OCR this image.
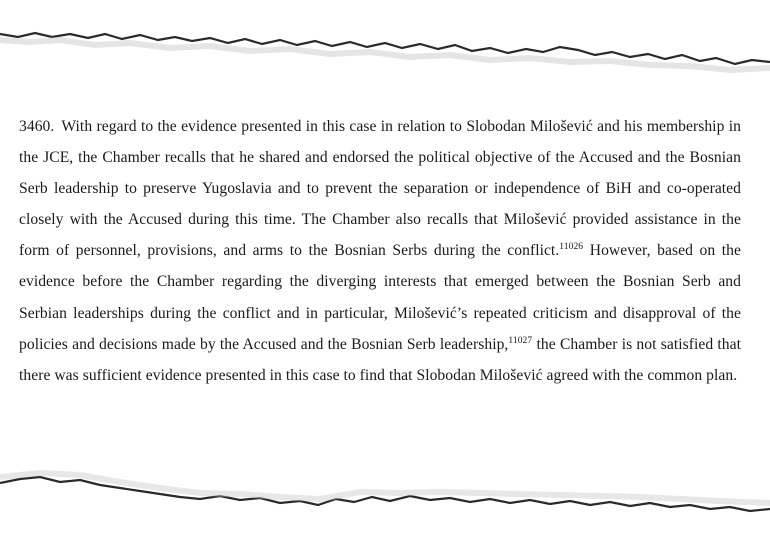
3460. With regard to the evidence presented in this case in relation to Slobodan Milošević and his membership in the JCE, the Chamber recalls that he shared and endorsed the political objective of the Accused and the Bosnian Serb leadership to preserve Yugoslavia and to prevent the separation or independence of BiH and co-operated closely with the Accused during this time. The Chamber also recalls that Milošević provided assistance in the form of personnel, provisions, and arms to the Bosnian Serbs during the conflict.$^{11026}$ However, based on the evidence before the Chamber regarding the diverging interests that emerged between the Bosnian Serb and Serbian leaderships during the conflict and in particular, Milošević’s repeated criticism and disapproval of the policies and decisions made by the Accused and the Bosnian Serb leadership,$^{11027}$ the Chamber is not satisfied that there was sufficient evidence presented in this case to find that Slobodan Milošević agreed with the common plan.
